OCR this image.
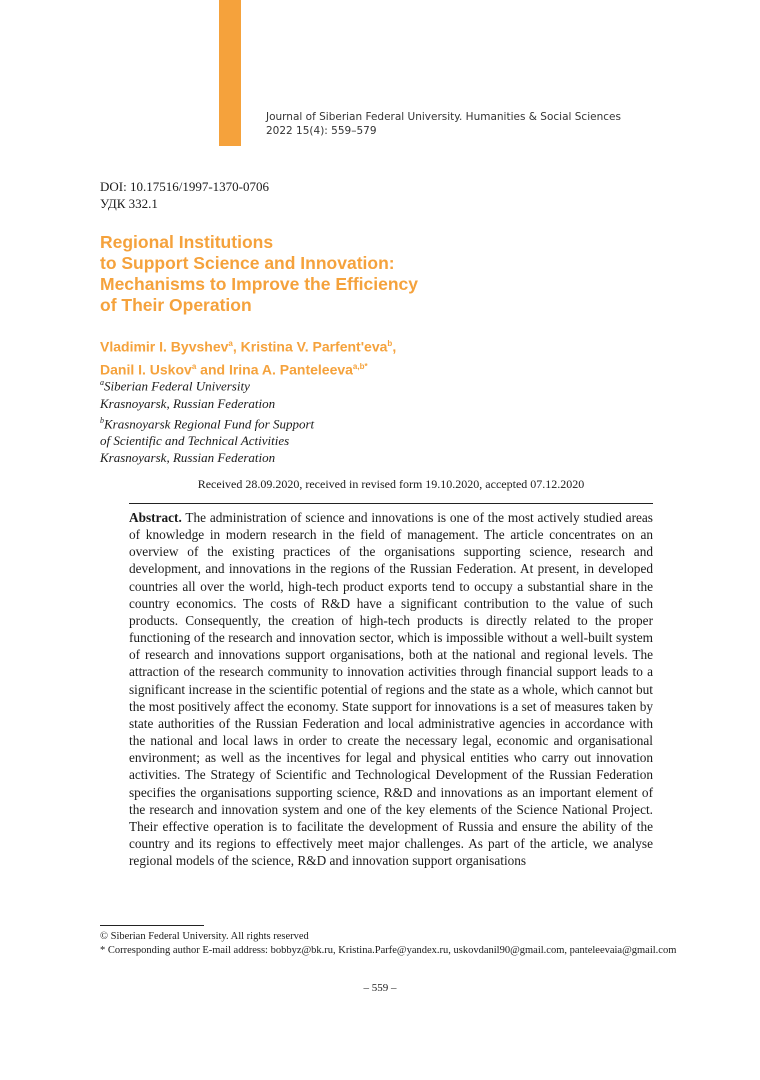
Journal of Siberian Federal University. Humanities & Social Sciences
2022 15(4): 559–579
DOI: 10.17516/1997-1370-0706
УДК 332.1
Regional Institutions
to Support Science and Innovation:
Mechanisms to Improve the Efficiency
of Their Operation
Vladimir I. Byvshev$^a$, Kristina V. Parfent'eva$^b$,
Danil I. Uskov$^a$ and Irina A. Panteleeva$^{a,b*}$
$^a$Siberian Federal University
Krasnoyarsk, Russian Federation
$^b$Krasnoyarsk Regional Fund for Support
of Scientific and Technical Activities
Krasnoyarsk, Russian Federation
Received 28.09.2020, received in revised form 19.10.2020, accepted 07.12.2020
Abstract. The administration of science and innovations is one of the most actively studied areas of knowledge in modern research in the field of management. The article concentrates on an overview of the existing practices of the organisations supporting science, research and development, and innovations in the regions of the Russian Federation. At present, in developed countries all over the world, high-tech product exports tend to occupy a substantial share in the country economics. The costs of R&D have a significant contribution to the value of such products. Consequently, the creation of high-tech products is directly related to the proper functioning of the research and innovation sector, which is impossible without a well-built system of research and innovations support organisations, both at the national and regional levels. The attraction of the research community to innovation activities through financial support leads to a significant increase in the scientific potential of regions and the state as a whole, which cannot but the most positively affect the economy. State support for innovations is a set of measures taken by state authorities of the Russian Federation and local administrative agencies in accordance with the national and local laws in order to create the necessary legal, economic and organisational environment; as well as the incentives for legal and physical entities who carry out innovation activities. The Strategy of Scientific and Technological Development of the Russian Federation specifies the organisations supporting science, R&D and innovations as an important element of the research and innovation system and one of the key elements of the Science National Project. Their effective operation is to facilitate the development of Russia and ensure the ability of the country and its regions to effectively meet major challenges. As part of the article, we analyse regional models of the science, R&D and innovation support organisations
© Siberian Federal University. All rights reserved
* Corresponding author E-mail address: bobbyz@bk.ru, Kristina.Parfe@yandex.ru, uskovdanil90@gmail.com, panteleevaia@gmail.com
– 559 –
